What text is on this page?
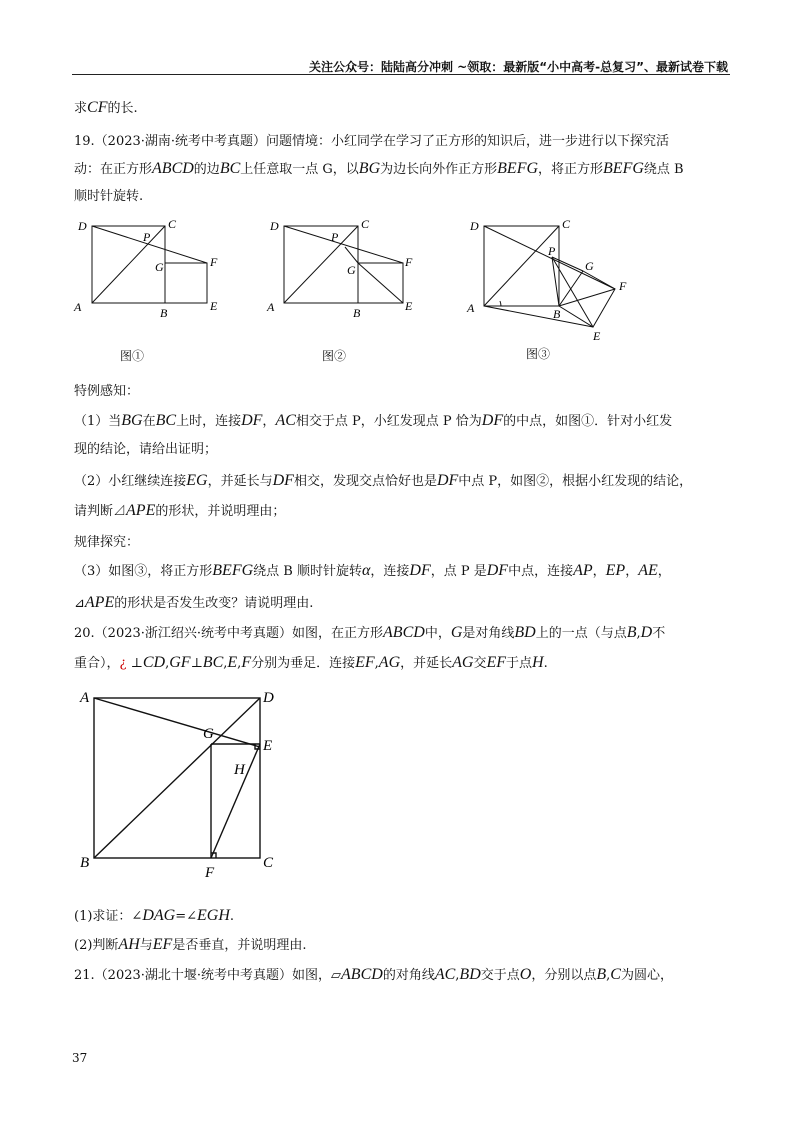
关注公众号：陆陆高分冲刺 ~领取：最新版“小中高考-总复习”、最新试卷下载
求CF的长.
19.（2023·湖南·统考中考真题）问题情境：小红同学在学习了正方形的知识后，进一步进行以下探究活
动：在正方形ABCD的边BC上任意取一点 G，以BG为边长向外作正方形BEFG，将正方形BEFG绕点 B
顺时针旋转.
D	C
P
G	F
A	B	E
图①
D	C
P
G
F
A	B	E
图②
D	C
P
G
F
A	B
E
图③
特例感知：
（1）当BG在BC上时，连接DF，AC相交于点 P，小红发现点 P 恰为DF的中点，如图①．针对小红发
现的结论，请给出证明；
（2）小红继续连接EG，并延长与DF相交，发现交点恰好也是DF中点 P，如图②，根据小红发现的结论，
请判断⊿APE的形状，并说明理由；
规律探究：
（3）如图③，将正方形BEFG绕点 B 顺时针旋转α，连接DF，点 P 是DF中点，连接AP，EP，AE，
⊿APE的形状是否发生改变？请说明理由.
20.（2023·浙江绍兴·统考中考真题）如图，在正方形ABCD中，G是对角线BD上的一点（与点B,D不
重合），¿ ⊥CD,GF⊥BC,E,F分别为垂足．连接EF,AG，并延长AG交EF于点H.
A	D
G
E
H
B
F
C
(1)求证：∠DAG=∠EGH.
(2)判断AH与EF是否垂直，并说明理由.
21.（2023·湖北十堰·统考中考真题）如图，▱ABCD的对角线AC,BD交于点O，分别以点B,C为圆心，
37
